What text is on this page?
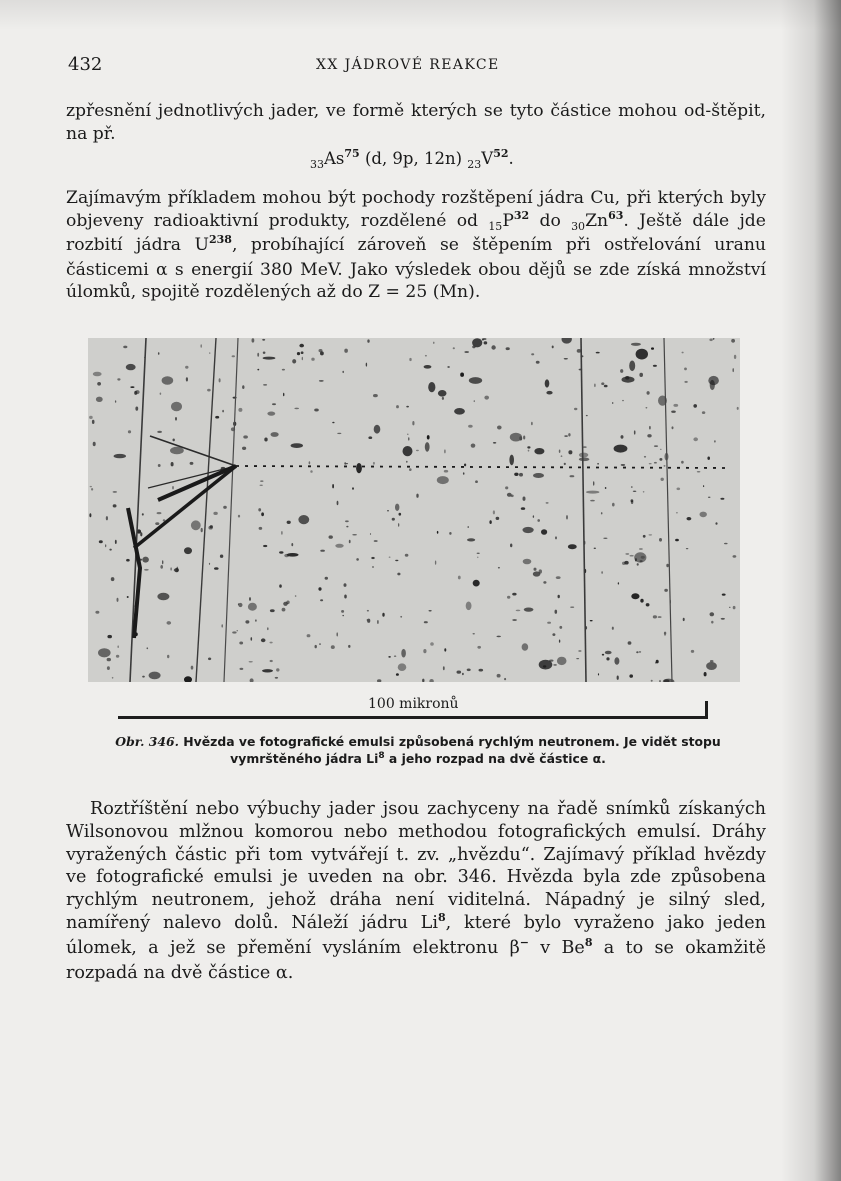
432	XX JÁDROVÉ REAKCE

zpřesnění jednotlivých jader, ve formě kterých se tyto částice mohou od-štěpit, na př.

$_{33}As^{75}$ (d, 9p, 12n) $_{23}V^{52}$.

Zajímavým příkladem mohou být pochody rozštěpení jádra Cu, při kterých byly objeveny radioaktivní produkty, rozdělené od $_{15}P^{32}$ do $_{30}Zn^{63}$. Ještě dále jde rozbití jádra $U^{238}$, probíhající zároveň se štěpením při ostřelování uranu částicemi α s energií 380 MeV. Jako výsledek obou dějů se zde získá množství úlomků, spojitě rozdělených až do Z = 25 (Mn).

100 mikronů
Obr. 346. Hvězda ve fotografické emulsi způsobená rychlým neutronem. Je vidět stopu
vymrštěného jádra Li$^8$ a jeho rozpad na dvě částice α.

Roztříštění nebo výbuchy jader jsou zachyceny na řadě snímků získaných Wilsonovou mlžnou komorou nebo methodou fotografických emulsí. Dráhy vyražených částic při tom vytvářejí t. zv. „hvězdu“. Zajímavý příklad hvězdy ve fotografické emulsi je uveden na obr. 346. Hvězda byla zde způsobena rychlým neutronem, jehož dráha není viditelná. Nápadný je silný sled, namířený nalevo dolů. Náleží jádru Li$^8$, které bylo vyraženo jako jeden úlomek, a jež se přemění vysláním elektronu β− v Be$^8$ a to se okamžitě rozpadá na dvě částice α.
